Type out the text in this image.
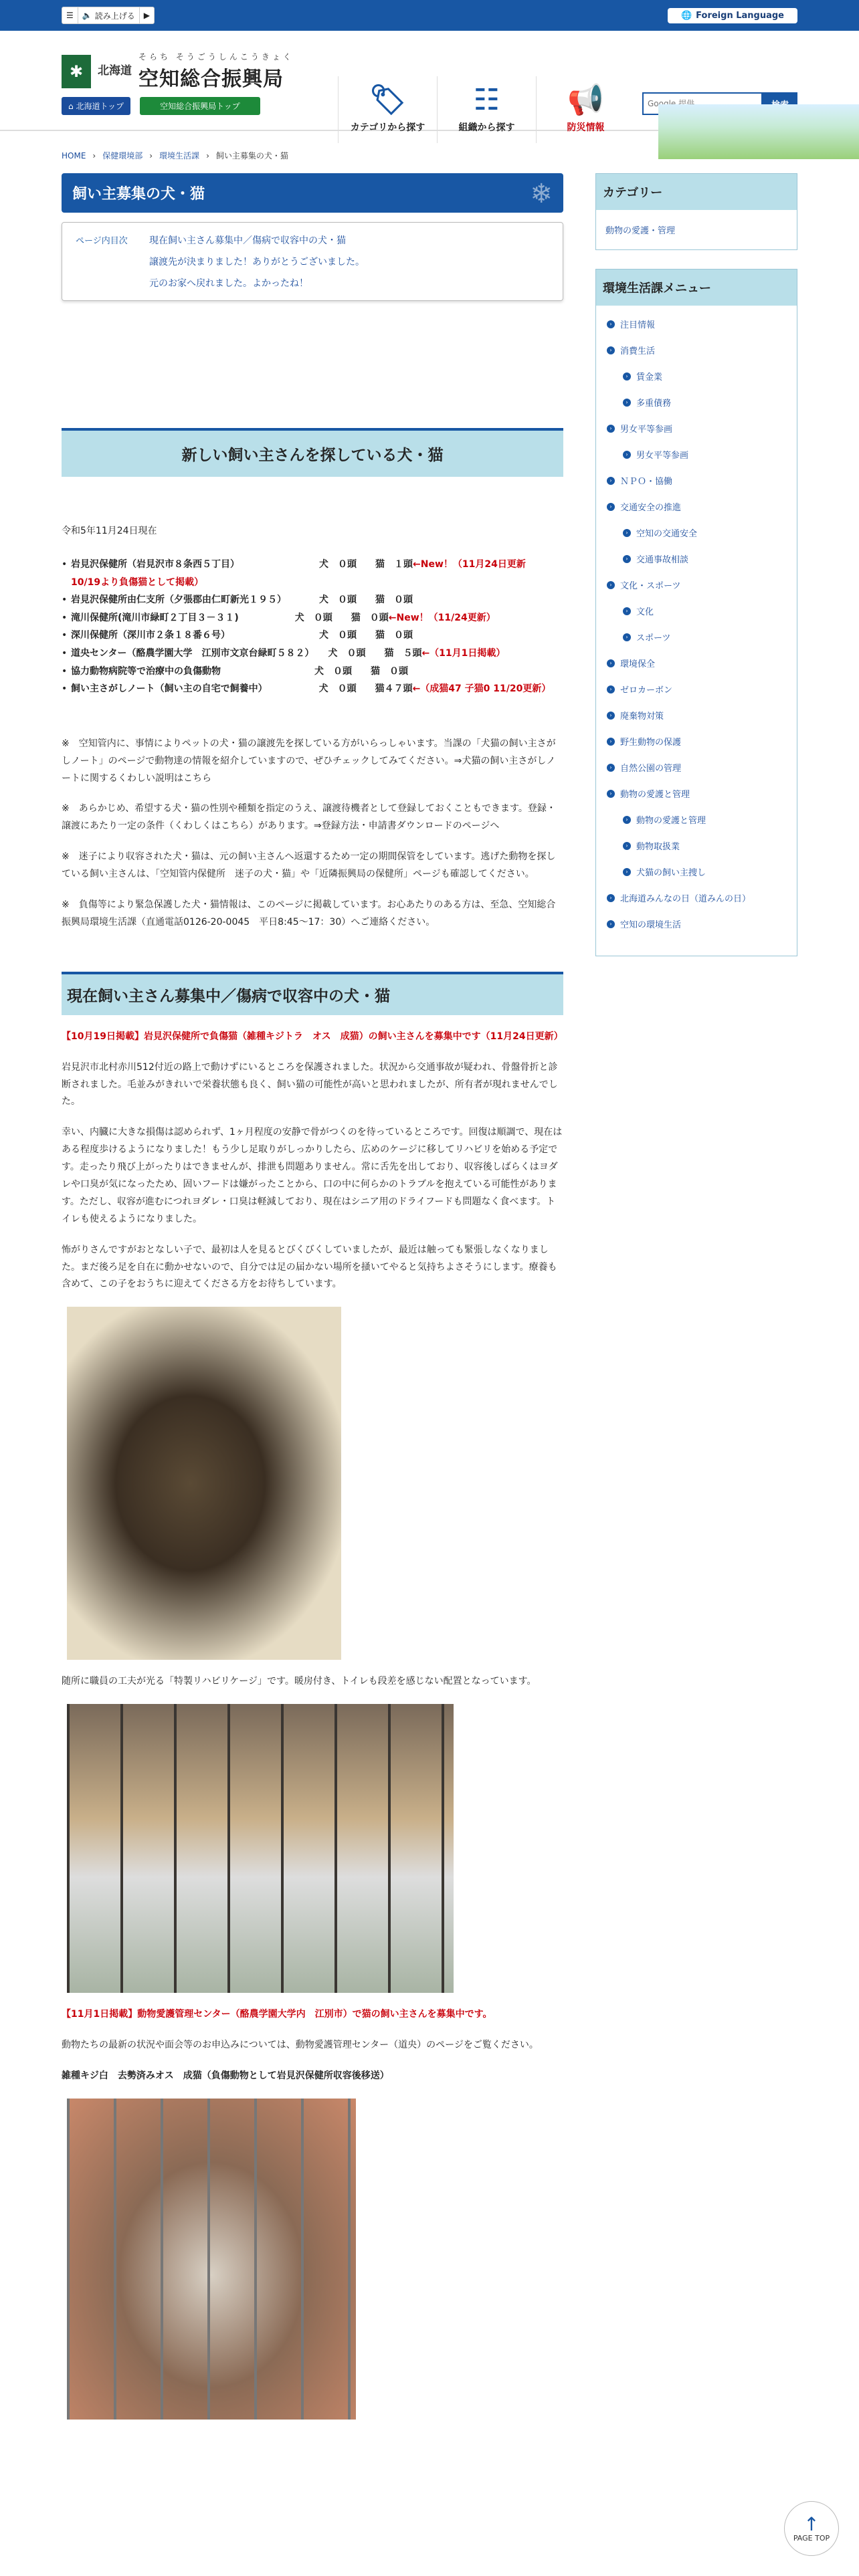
☰	🔈 読み上げる	▶	🌐 Foreign Language
✱	北海道
そらち そうごうしんこうきょく
空知総合振興局
⌂ 北海道トップ	空知総合振興局トップ	🏷
カテゴリから探す
☷
組織から探す
📢
防災情報
Google 提供
HOME › 保健環境部 › 環境生活課 › 飼い主募集の犬・猫
飼い主募集の犬・猫	❄
ページ内目次	現在飼い主さん募集中／傷病で収容中の犬・猫
譲渡先が決まりました！ありがとうございました。
元のお家へ戻れました。よかったね！
新しい飼い主さんを探している犬・猫

令和5年11月24日現在

• 岩見沢保健所（岩見沢市８条西５丁目）　　　　　　　　　犬　０頭　　猫　１頭←New！（11月24日更新　10/19より負傷猫として掲載）
• 岩見沢保健所由仁支所（夕張郡由仁町新光１９５）　　　　犬　０頭　　猫　０頭
• 滝川保健所(滝川市緑町２丁目３－３１)　　　　　　犬　０頭　　猫　０頭←New！（11/24更新）
• 深川保健所（深川市２条１８番６号）　　　　　　　　　　犬　０頭　　猫　０頭
• 道央センター（酪農学園大学　江別市文京台緑町５８２）　　犬　０頭　　猫　５頭←（11月1日掲載）
• 協力動物病院等で治療中の負傷動物　　　　　　　　　　犬　０頭　　猫　０頭
• 飼い主さがしノート（飼い主の自宅で飼養中）　　　　　　犬　０頭　　猫４７頭←（成猫47 子猫0 11/20更新）

※　空知管内に、事情によりペットの犬・猫の譲渡先を探している方がいらっしゃいます。当課の「犬猫の飼い主さがしノート」のページで動物達の情報を紹介していますので、ぜひチェックしてみてください。⇒犬猫の飼い主さがしノートに関するくわしい説明はこちら

※　あらかじめ、希望する犬・猫の性別や種類を指定のうえ、譲渡待機者として登録しておくこともできます。登録・譲渡にあたり一定の条件（くわしくはこちら）があります。⇒登録方法・申請書ダウンロードのページへ

※　迷子により収容された犬・猫は、元の飼い主さんへ返還するため一定の期間保管をしています。逃げた動物を探している飼い主さんは、「空知管内保健所　迷子の犬・猫」や「近隣振興局の保健所」ページも確認してください。

※　負傷等により緊急保護した犬・猫情報は、このページに掲載しています。お心あたりのある方は、至急、空知総合振興局環境生活課（直通電話0126-20-0045　平日8:45～17：30）へご連絡ください。

現在飼い主さん募集中／傷病で収容中の犬・猫

【10月19日掲載】岩見沢保健所で負傷猫（雑種キジトラ　オス　成猫）の飼い主さんを募集中です（11月24日更新）

岩見沢市北村赤川512付近の路上で動けずにいるところを保護されました。状況から交通事故が疑われ、骨盤骨折と診断されました。毛並みがきれいで栄養状態も良く、飼い猫の可能性が高いと思われましたが、所有者が現れませんでした。

幸い、内臓に大きな損傷は認められず、1ヶ月程度の安静で骨がつくのを待っているところです。回復は順調で、現在はある程度歩けるようになりました！もう少し足取りがしっかりしたら、広めのケージに移してリハビリを始める予定です。走ったり飛び上がったりはできませんが、排泄も問題ありません。常に舌先を出しており、収容後しばらくはヨダレや口臭が気になったため、固いフードは嫌がったことから、口の中に何らかのトラブルを抱えている可能性があります。ただし、収容が進むにつれヨダレ・口臭は軽減しており、現在はシニア用のドライフードも問題なく食べます。トイレも使えるようになりました。

怖がりさんですがおとなしい子で、最初は人を見るとびくびくしていましたが、最近は触っても緊張しなくなりました。まだ後ろ足を自在に動かせないので、自分では足の届かない場所を掻いてやると気持ちよさそうにします。療養も含めて、この子をおうちに迎えてくださる方をお待ちしています。

随所に職員の工夫が光る「特製リハビリケージ」です。暖房付き、トイレも段差を感じない配置となっています。

【11月1日掲載】動物愛護管理センター（酪農学園大学内　江別市）で猫の飼い主さんを募集中です。

動物たちの最新の状況や面会等のお申込みについては、動物愛護管理センター（道央）のページをご覧ください。

雑種キジ白　去勢済みオス　成猫（負傷動物として岩見沢保健所収容後移送）

カテゴリー
動物の愛護・管理
環境生活課メニュー
› 注目情報
› 消費生活
› 賃金業
› 多重債務
› 男女平等参画
› 男女平等参画
› ＮＰＯ・協働
› 交通安全の推進
› 空知の交通安全
› 交通事故相談
› 文化・スポーツ
› 文化
› スポーツ
› 環境保全
› ゼロカーボン
› 廃棄物対策
› 野生動物の保護
› 自然公園の管理
› 動物の愛護と管理
› 動物の愛護と管理
› 動物取扱業
› 犬猫の飼い主捜し
› 北海道みんなの日（道みんの日）
› 空知の環境生活
↑
PAGE TOP
